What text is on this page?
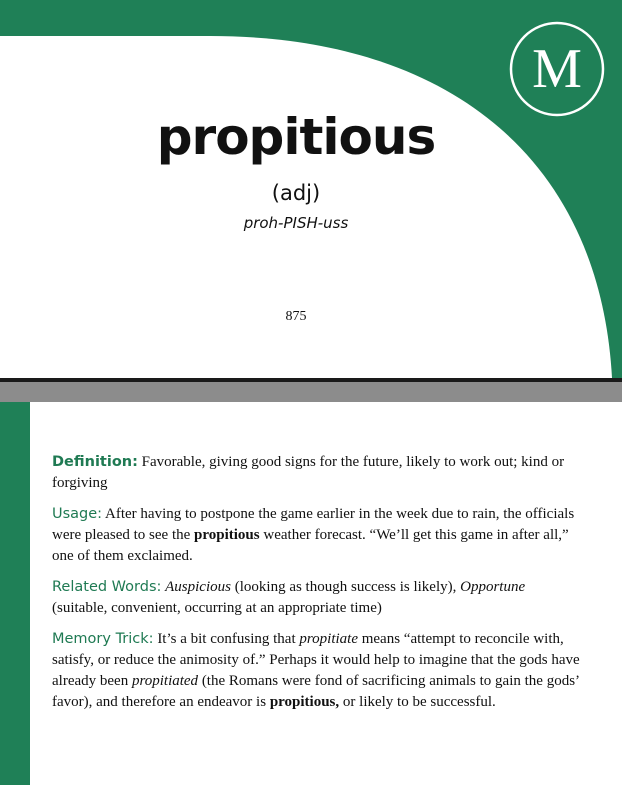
M
propitious
(adj)
proh-PISH-uss
875

Definition: Favorable, giving good signs for the future, likely to work out; kind or forgiving

Usage: After having to postpone the game earlier in the week due to rain, the officials were pleased to see the propitious weather forecast. “We’ll get this game in after all,” one of them exclaimed.

Related Words: Auspicious (looking as though success is likely), Opportune (suitable, convenient, occurring at an appropriate time)

Memory Trick: It’s a bit confusing that propitiate means “attempt to reconcile with, satisfy, or reduce the animosity of.” Perhaps it would help to imagine that the gods have already been propitiated (the Romans were fond of sacrificing animals to gain the gods’ favor), and therefore an endeavor is propitious, or likely to be successful.
